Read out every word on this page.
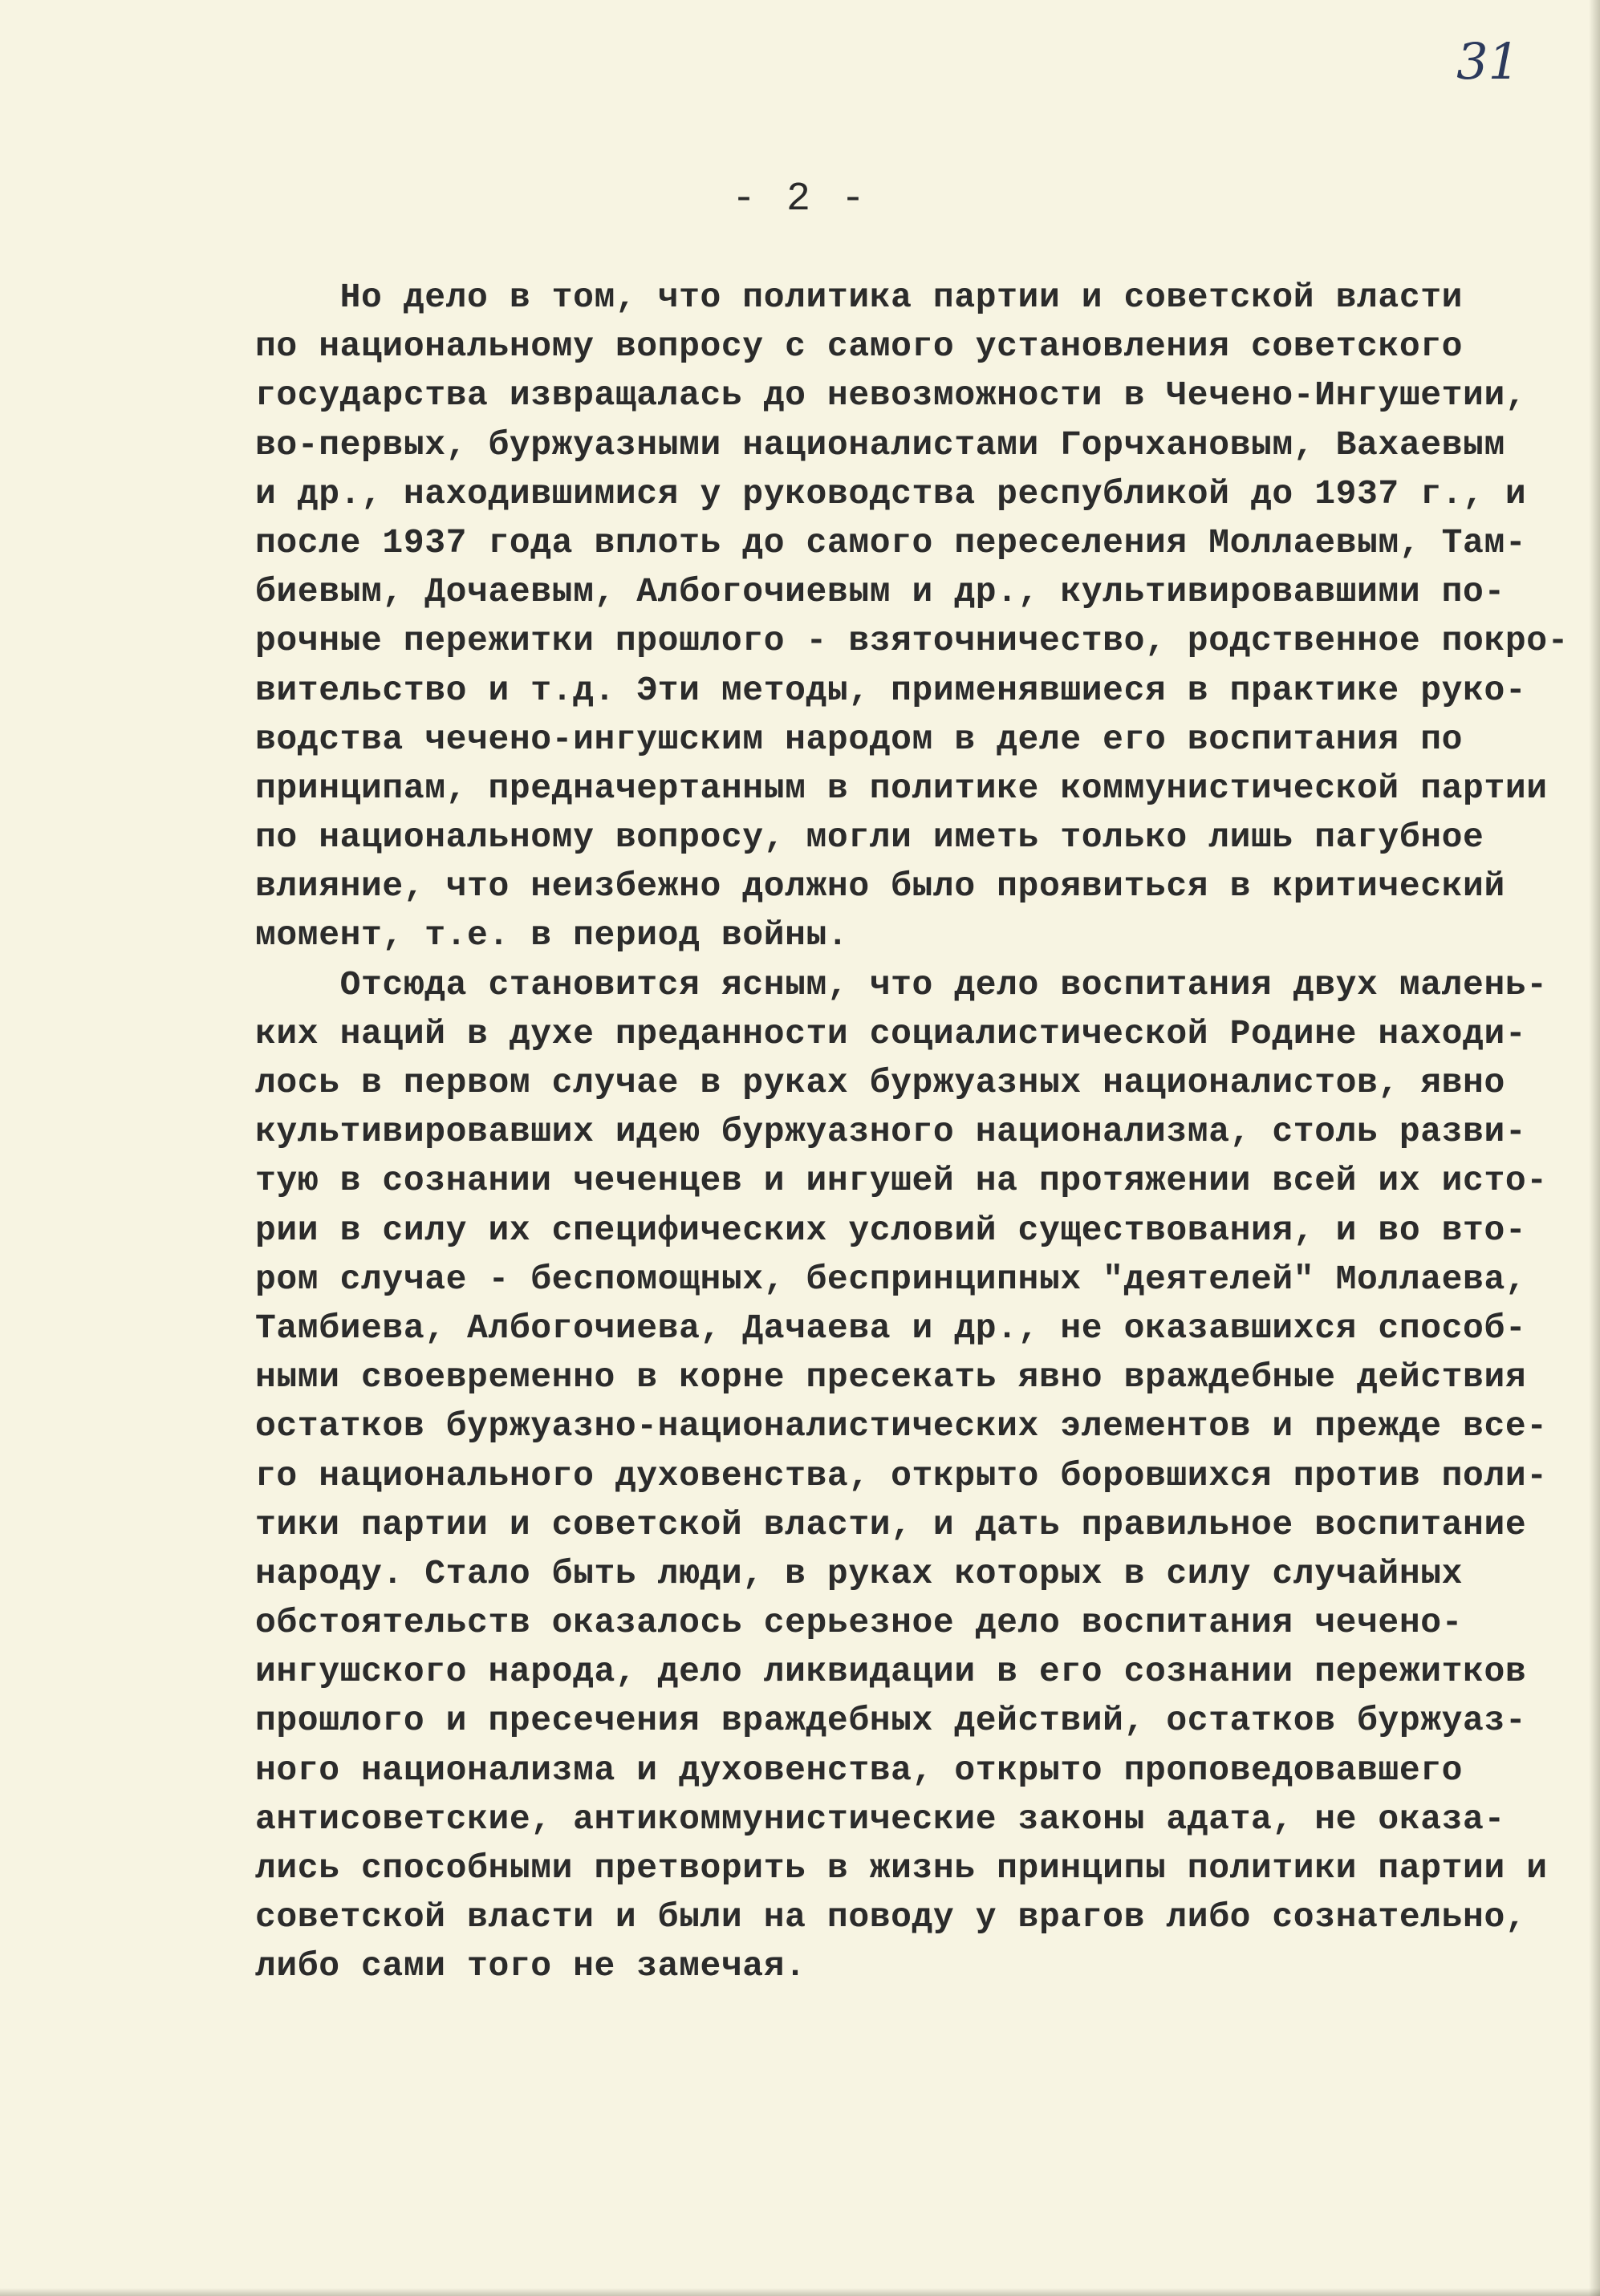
31
- 2 -
Но дело в том, что политика партии и советской власти
по национальному вопросу с самого установления советского
государства извращалась до невозможности в Чечено-Ингушетии,
во-первых, буржуазными националистами Горчхановым, Вахаевым
и др., находившимися у руководства республикой до 1937 г., и
после 1937 года вплоть до самого переселения Моллаевым, Там-
биевым, Дочаевым, Албогочиевым и др., культивировавшими по-
рочные пережитки прошлого - взяточничество, родственное покро-
вительство и т.д. Эти методы, применявшиеся в практике руко-
водства чечено-ингушским народом в деле его воспитания по
принципам, предначертанным в политике коммунистической партии
по национальному вопросу, могли иметь только лишь пагубное
влияние, что неизбежно должно было проявиться в критический
момент, т.е. в период войны.
Отсюда становится ясным, что дело воспитания двух малень-
ких наций в духе преданности социалистической Родине находи-
лось в первом случае в руках буржуазных националистов, явно
культивировавших идею буржуазного национализма, столь разви-
тую в сознании чеченцев и ингушей на протяжении всей их исто-
рии в силу их специфических условий существования, и во вто-
ром случае - беспомощных, беспринципных "деятелей" Моллаева,
Тамбиева, Албогочиева, Дачаева и др., не оказавшихся способ-
ными своевременно в корне пресекать явно враждебные действия
остатков буржуазно-националистических элементов и прежде все-
го национального духовенства, открыто боровшихся против поли-
тики партии и советской власти, и дать правильное воспитание
народу. Стало быть люди, в руках которых в силу случайных
обстоятельств оказалось серьезное дело воспитания чечено-
ингушского народа, дело ликвидации в его сознании пережитков
прошлого и пресечения враждебных действий, остатков буржуаз-
ного национализма и духовенства, открыто проповедовавшего
антисоветские, антикоммунистические законы адата, не оказа-
лись способными претворить в жизнь принципы политики партии и
советской власти и были на поводу у врагов либо сознательно,
либо сами того не замечая.
